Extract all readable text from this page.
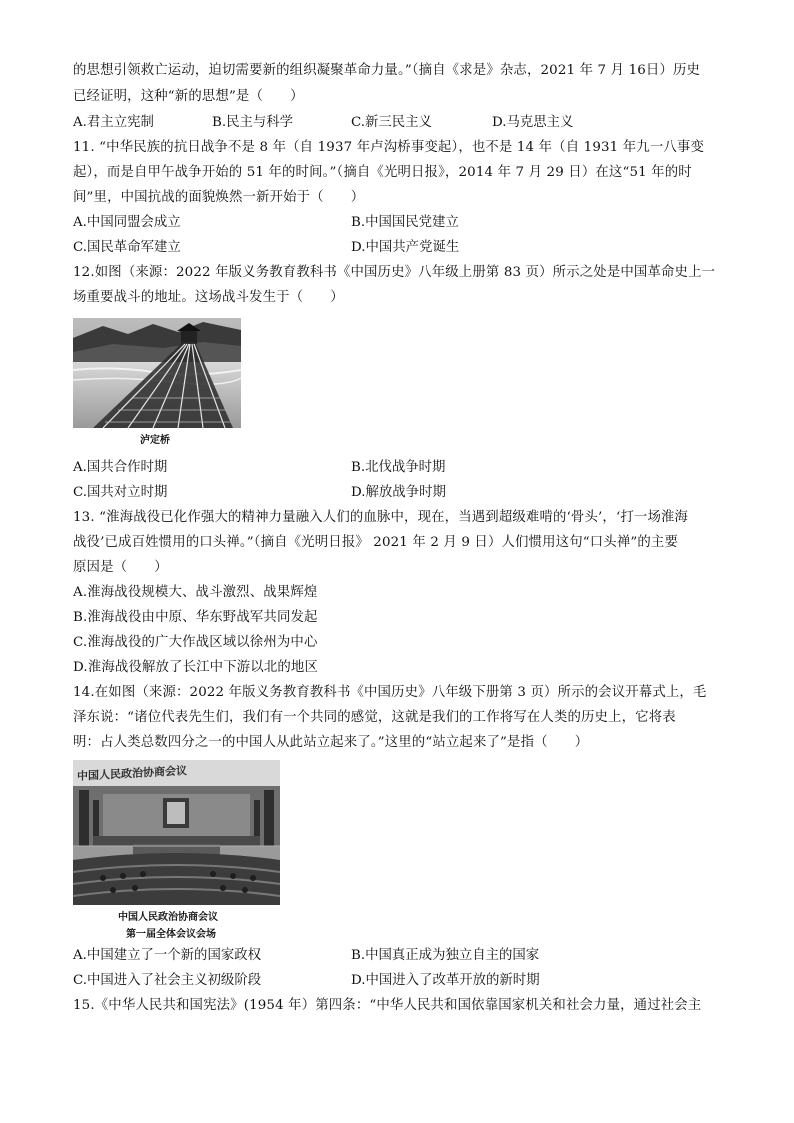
的思想引领救亡运动，迫切需要新的组织凝聚革命力量。”（摘自《求是》杂志，2021 年 7 月 16日）历史
已经证明，这种“新的思想”是（　　）
A.君主立宪制	B.民主与科学	C.新三民主义	D.马克思主义
11. “中华民族的抗日战争不是 8 年（自 1937 年卢沟桥事变起），也不是 14 年（自 1931 年九一八事变
起），而是自甲午战争开始的 51 年的时间。”（摘自《光明日报》，2014 年 7 月 29 日）在这“51 年的时
间”里，中国抗战的面貌焕然一新开始于（　　）
A.中国同盟会成立	B.中国国民党建立
C.国民革命军建立	D.中国共产党诞生
12.如图（来源：2022 年版义务教育教科书《中国历史》八年级上册第 83 页）所示之处是中国革命史上一
场重要战斗的地址。这场战斗发生于（　　）
泸定桥
A.国共合作时期	B.北伐战争时期
C.国共对立时期	D.解放战争时期
13. “淮海战役已化作强大的精神力量融入人们的血脉中，现在，当遇到超级难啃的‘骨头’，‘打一场淮海
战役’已成百姓惯用的口头禅。”（摘自《光明日报》 2021 年 2 月 9 日）人们惯用这句“口头禅”的主要
原因是（　　）
A.淮海战役规模大、战斗激烈、战果辉煌
B.淮海战役由中原、华东野战军共同发起
C.淮海战役的广大作战区域以徐州为中心
D.淮海战役解放了长江中下游以北的地区
14.在如图（来源：2022 年版义务教育教科书《中国历史》八年级下册第 3 页）所示的会议开幕式上，毛
泽东说：“诸位代表先生们，我们有一个共同的感觉，这就是我们的工作将写在人类的历史上，它将表
明：占人类总数四分之一的中国人从此站立起来了。”这里的“站立起来了”是指（　　）
中国人民政治协商会议
中国人民政治协商会议
第一届全体会议会场
A.中国建立了一个新的国家政权	B.中国真正成为独立自主的国家
C.中国进入了社会主义初级阶段	D.中国进入了改革开放的新时期
15.《中华人民共和国宪法》(1954 年）第四条：“中华人民共和国依靠国家机关和社会力量，通过社会主
